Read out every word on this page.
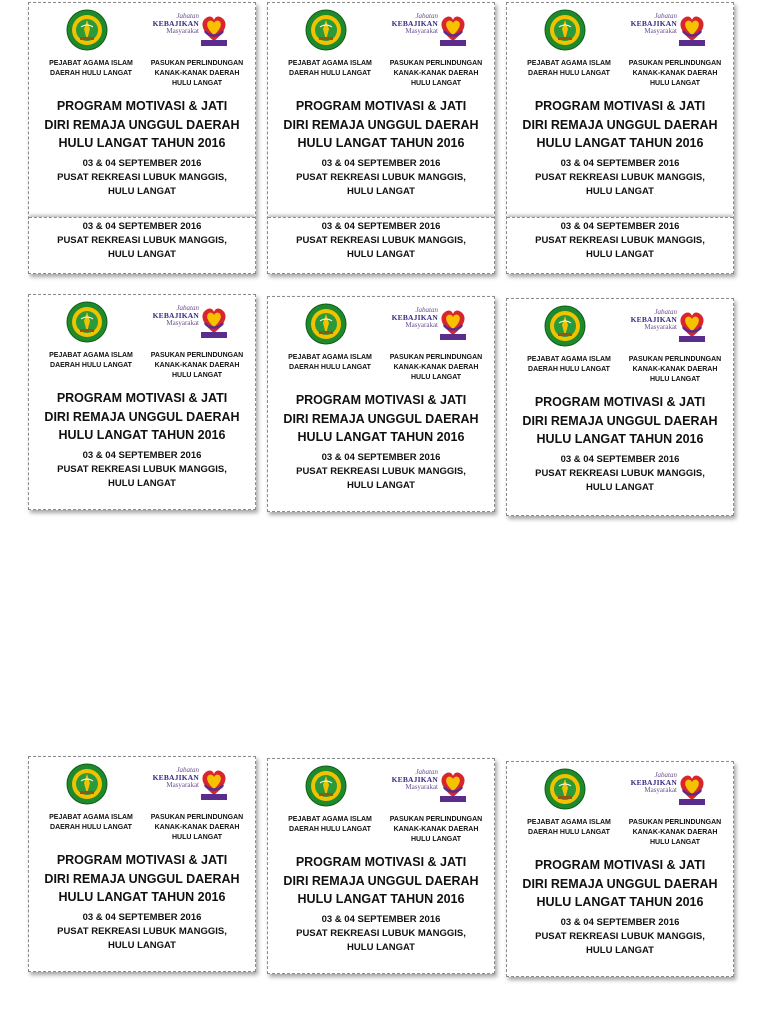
Jabatan
KEBAJIKAN
Masyarakat
PEJABAT AGAMA ISLAM
DAERAH HULU LANGAT
PASUKAN PERLINDUNGAN
KANAK-KANAK DAERAH
HULU LANGAT
PROGRAM MOTIVASI & JATI
DIRI REMAJA UNGGUL DAERAH
HULU LANGAT TAHUN 2016
03 & 04 SEPTEMBER 2016
PUSAT REKREASI LUBUK MANGGIS,
HULU LANGAT
03 & 04 SEPTEMBER 2016
PUSAT REKREASI LUBUK MANGGIS,
HULU LANGAT
Jabatan
KEBAJIKAN
Masyarakat
PEJABAT AGAMA ISLAM
DAERAH HULU LANGAT
PASUKAN PERLINDUNGAN
KANAK-KANAK DAERAH
HULU LANGAT
PROGRAM MOTIVASI & JATI
DIRI REMAJA UNGGUL DAERAH
HULU LANGAT TAHUN 2016
03 & 04 SEPTEMBER 2016
PUSAT REKREASI LUBUK MANGGIS,
HULU LANGAT
03 & 04 SEPTEMBER 2016
PUSAT REKREASI LUBUK MANGGIS,
HULU LANGAT
Jabatan
KEBAJIKAN
Masyarakat
PEJABAT AGAMA ISLAM
DAERAH HULU LANGAT
PASUKAN PERLINDUNGAN
KANAK-KANAK DAERAH
HULU LANGAT
PROGRAM MOTIVASI & JATI
DIRI REMAJA UNGGUL DAERAH
HULU LANGAT TAHUN 2016
03 & 04 SEPTEMBER 2016
PUSAT REKREASI LUBUK MANGGIS,
HULU LANGAT
03 & 04 SEPTEMBER 2016
PUSAT REKREASI LUBUK MANGGIS,
HULU LANGAT
Jabatan
KEBAJIKAN
Masyarakat
PEJABAT AGAMA ISLAM
DAERAH HULU LANGAT
PASUKAN PERLINDUNGAN
KANAK-KANAK DAERAH
HULU LANGAT
PROGRAM MOTIVASI & JATI
DIRI REMAJA UNGGUL DAERAH
HULU LANGAT TAHUN 2016
03 & 04 SEPTEMBER 2016
PUSAT REKREASI LUBUK MANGGIS,
HULU LANGAT
Jabatan
KEBAJIKAN
Masyarakat
PEJABAT AGAMA ISLAM
DAERAH HULU LANGAT
PASUKAN PERLINDUNGAN
KANAK-KANAK DAERAH
HULU LANGAT
PROGRAM MOTIVASI & JATI
DIRI REMAJA UNGGUL DAERAH
HULU LANGAT TAHUN 2016
03 & 04 SEPTEMBER 2016
PUSAT REKREASI LUBUK MANGGIS,
HULU LANGAT
Jabatan
KEBAJIKAN
Masyarakat
PEJABAT AGAMA ISLAM
DAERAH HULU LANGAT
PASUKAN PERLINDUNGAN
KANAK-KANAK DAERAH
HULU LANGAT
PROGRAM MOTIVASI & JATI
DIRI REMAJA UNGGUL DAERAH
HULU LANGAT TAHUN 2016
03 & 04 SEPTEMBER 2016
PUSAT REKREASI LUBUK MANGGIS,
HULU LANGAT
Jabatan
KEBAJIKAN
Masyarakat
PEJABAT AGAMA ISLAM
DAERAH HULU LANGAT
PASUKAN PERLINDUNGAN
KANAK-KANAK DAERAH
HULU LANGAT
PROGRAM MOTIVASI & JATI
DIRI REMAJA UNGGUL DAERAH
HULU LANGAT TAHUN 2016
03 & 04 SEPTEMBER 2016
PUSAT REKREASI LUBUK MANGGIS,
HULU LANGAT
Jabatan
KEBAJIKAN
Masyarakat
PEJABAT AGAMA ISLAM
DAERAH HULU LANGAT
PASUKAN PERLINDUNGAN
KANAK-KANAK DAERAH
HULU LANGAT
PROGRAM MOTIVASI & JATI
DIRI REMAJA UNGGUL DAERAH
HULU LANGAT TAHUN 2016
03 & 04 SEPTEMBER 2016
PUSAT REKREASI LUBUK MANGGIS,
HULU LANGAT
Jabatan
KEBAJIKAN
Masyarakat
PEJABAT AGAMA ISLAM
DAERAH HULU LANGAT
PASUKAN PERLINDUNGAN
KANAK-KANAK DAERAH
HULU LANGAT
PROGRAM MOTIVASI & JATI
DIRI REMAJA UNGGUL DAERAH
HULU LANGAT TAHUN 2016
03 & 04 SEPTEMBER 2016
PUSAT REKREASI LUBUK MANGGIS,
HULU LANGAT
